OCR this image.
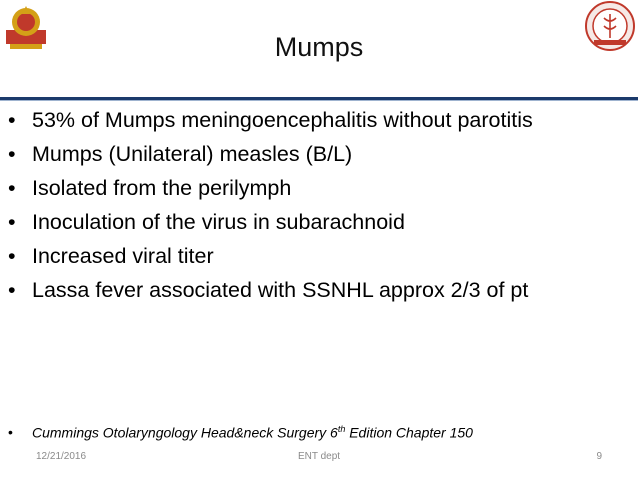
Mumps
• 53% of Mumps meningoencephalitis without parotitis
• Mumps (Unilateral) measles (B/L)
• Isolated from the perilymph
• Inoculation of the virus in subarachnoid
• Increased viral titer
• Lassa fever associated with SSNHL approx 2/3 of pt
• Cummings Otolaryngology Head&neck Surgery 6th Edition Chapter 150
12/21/2016	ENT dept	9
